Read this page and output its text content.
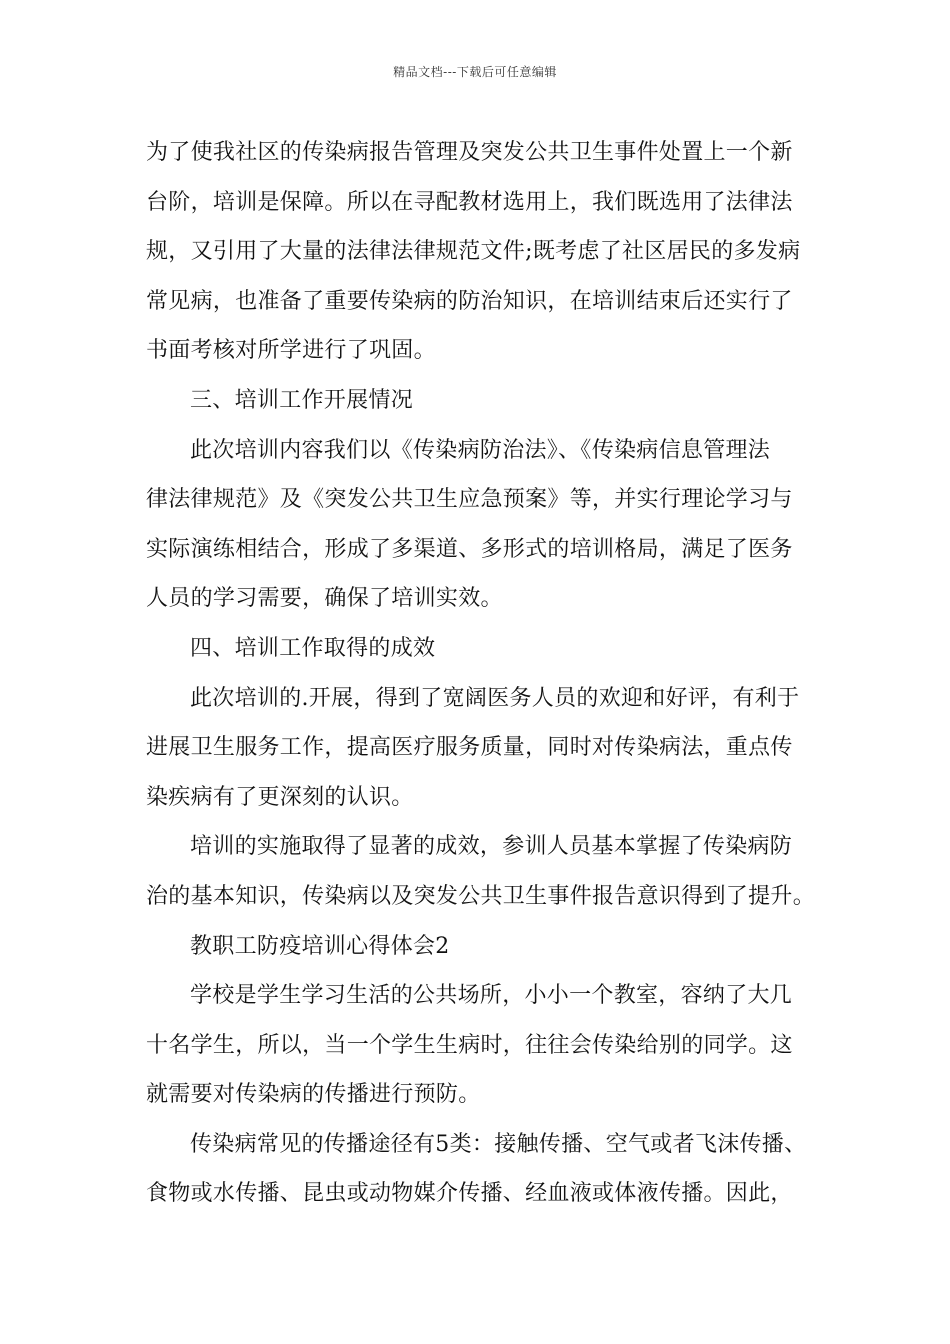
精品文档---下载后可任意编辑

为了使我社区的传染病报告管理及突发公共卫生事件处置上一个新
台阶，培训是保障。所以在寻配教材选用上，我们既选用了法律法
规，又引用了大量的法律法律规范文件;既考虑了社区居民的多发病
常见病，也准备了重要传染病的防治知识，在培训结束后还实行了
书面考核对所学进行了巩固。

三、培训工作开展情况

此次培训内容我们以《传染病防治法》、《传染病信息管理法
律法律规范》及《突发公共卫生应急预案》等，并实行理论学习与
实际演练相结合，形成了多渠道、多形式的培训格局，满足了医务
人员的学习需要，确保了培训实效。

四、培训工作取得的成效

此次培训的.开展，得到了宽阔医务人员的欢迎和好评，有利于
进展卫生服务工作，提高医疗服务质量，同时对传染病法，重点传
染疾病有了更深刻的认识。

培训的实施取得了显著的成效，参训人员基本掌握了传染病防
治的基本知识，传染病以及突发公共卫生事件报告意识得到了提升。

教职工防疫培训心得体会2

学校是学生学习生活的公共场所，小小一个教室，容纳了大几
十名学生，所以，当一个学生生病时，往往会传染给别的同学。这
就需要对传染病的传播进行预防。

传染病常见的传播途径有5类：接触传播、空气或者飞沫传播、
食物或水传播、昆虫或动物媒介传播、经血液或体液传播。因此，
